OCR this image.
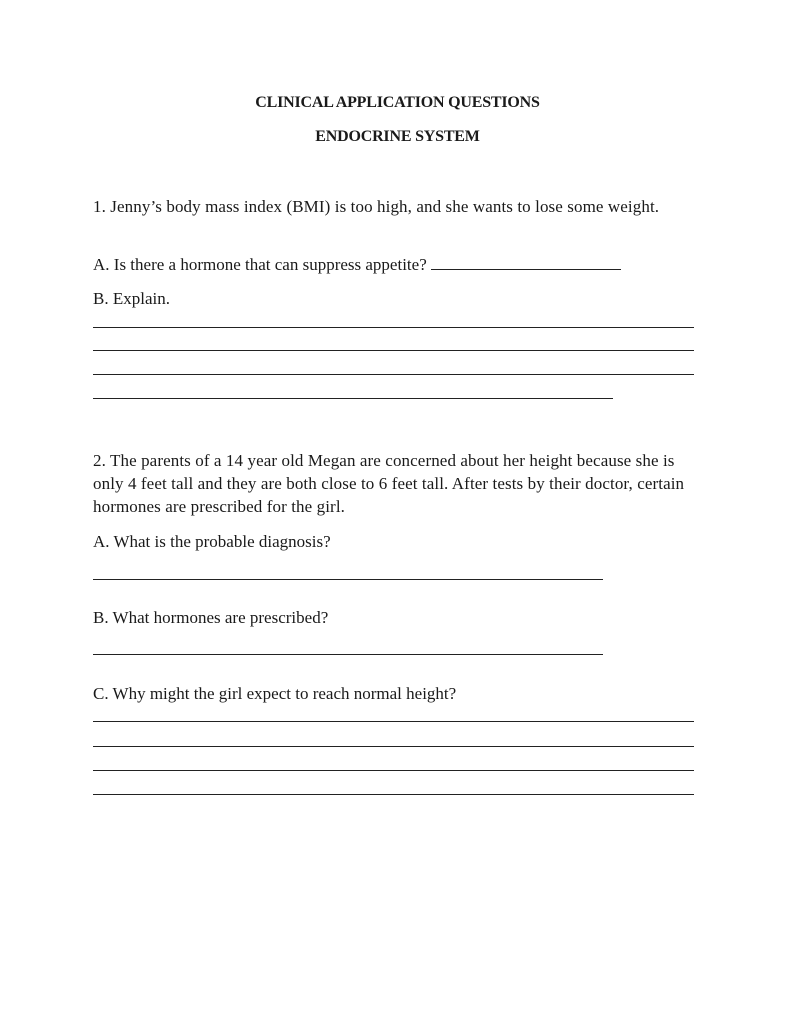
CLINICAL APPLICATION QUESTIONS
ENDOCRINE SYSTEM
1. Jenny’s body mass index (BMI) is too high, and she wants to lose some weight.
A. Is there a hormone that can suppress appetite?
B. Explain.
2. The parents of a 14 year old Megan are concerned about her height because she is only 4 feet tall and they are both close to 6 feet tall. After tests by their doctor, certain hormones are prescribed for the girl.
A. What is the probable diagnosis?
B. What hormones are prescribed?
C. Why might the girl expect to reach normal height?
